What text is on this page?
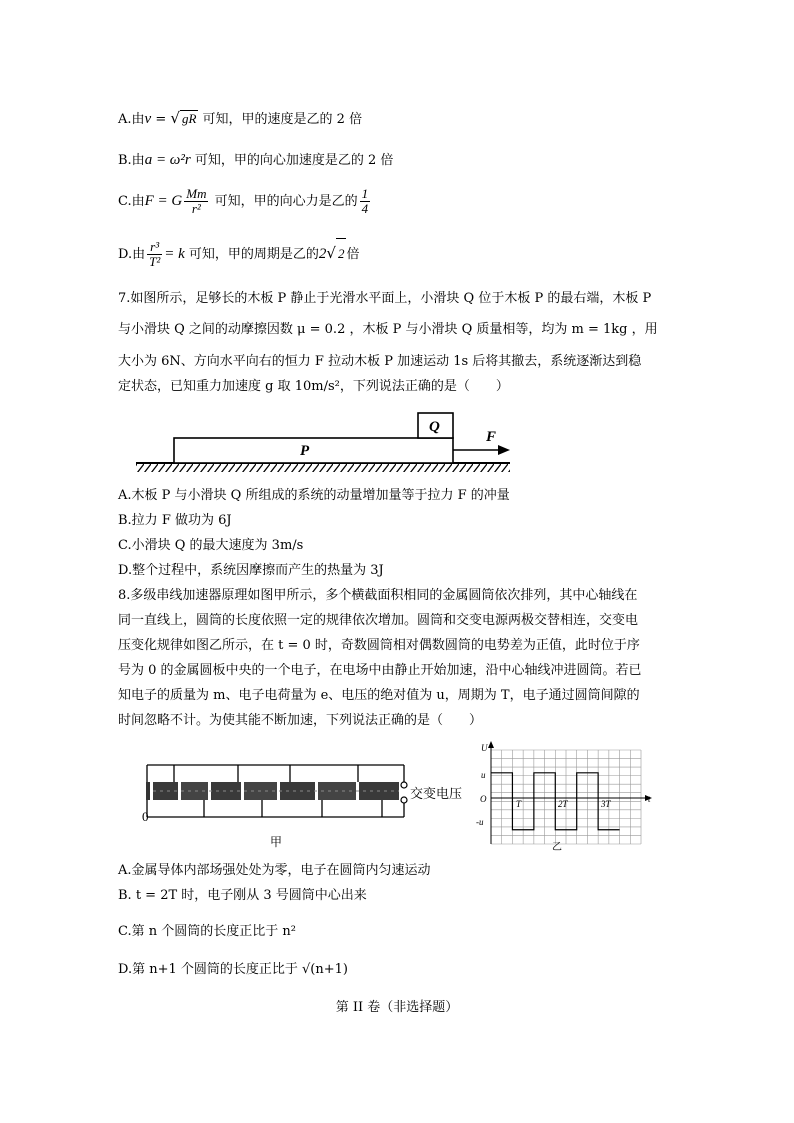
A.由v = √ gR 可知，甲的速度是乙的 2 倍
B.由a = ω²r 可知，甲的向心加速度是乙的 2 倍
C.由F = G $\frac{Mm}{\text{r²}}$ 可知，甲的向心力是乙的 $\frac{1}{4}$
D.由 $\frac{\text{r³}}{\text{T²}} = k$ 可知，甲的周期是乙的2√ 2 倍
7.如图所示，足够长的木板 P 静止于光滑水平面上，小滑块 Q 位于木板 P 的最右端，木板 P
与小滑块 Q 之间的动摩擦因数 μ = 0.2 ，木板 P 与小滑块 Q 质量相等，均为 m = 1kg ，用
大小为 6N、方向水平向右的恒力 F 拉动木板 P 加速运动 1s 后将其撤去，系统逐渐达到稳
定状态，已知重力加速度 g 取 10m/s²，下列说法正确的是（　　）
P
Q
F
A.木板 P 与小滑块 Q 所组成的系统的动量增加量等于拉力 F 的冲量
B.拉力 F 做功为 6J
C.小滑块 Q 的最大速度为 3m/s
D.整个过程中，系统因摩擦而产生的热量为 3J
8.多级串线加速器原理如图甲所示，多个横截面积相同的金属圆筒依次排列，其中心轴线在
同一直线上，圆筒的长度依照一定的规律依次增加。圆筒和交变电源两极交替相连，交变电
压变化规律如图乙所示，在 t = 0 时，奇数圆筒相对偶数圆筒的电势差为正值，此时位于序
号为 0 的金属圆板中央的一个电子，在电场中由静止开始加速，沿中心轴线冲进圆筒。若已
知电子的质量为 m、电子电荷量为 e、电压的绝对值为 u，周期为 T，电子通过圆筒间隙的
时间忽略不计。为使其能不断加速，下列说法正确的是（　　）
交变电压
0
甲
U
t
O
u
-u
T	2T	3T
乙
A.金属导体内部场强处处为零，电子在圆筒内匀速运动
B. t = 2T 时，电子刚从 3 号圆筒中心出来
C.第 n 个圆筒的长度正比于 n²
D.第 n+1 个圆筒的长度正比于 √(n+1)
第 II 卷（非选择题）
